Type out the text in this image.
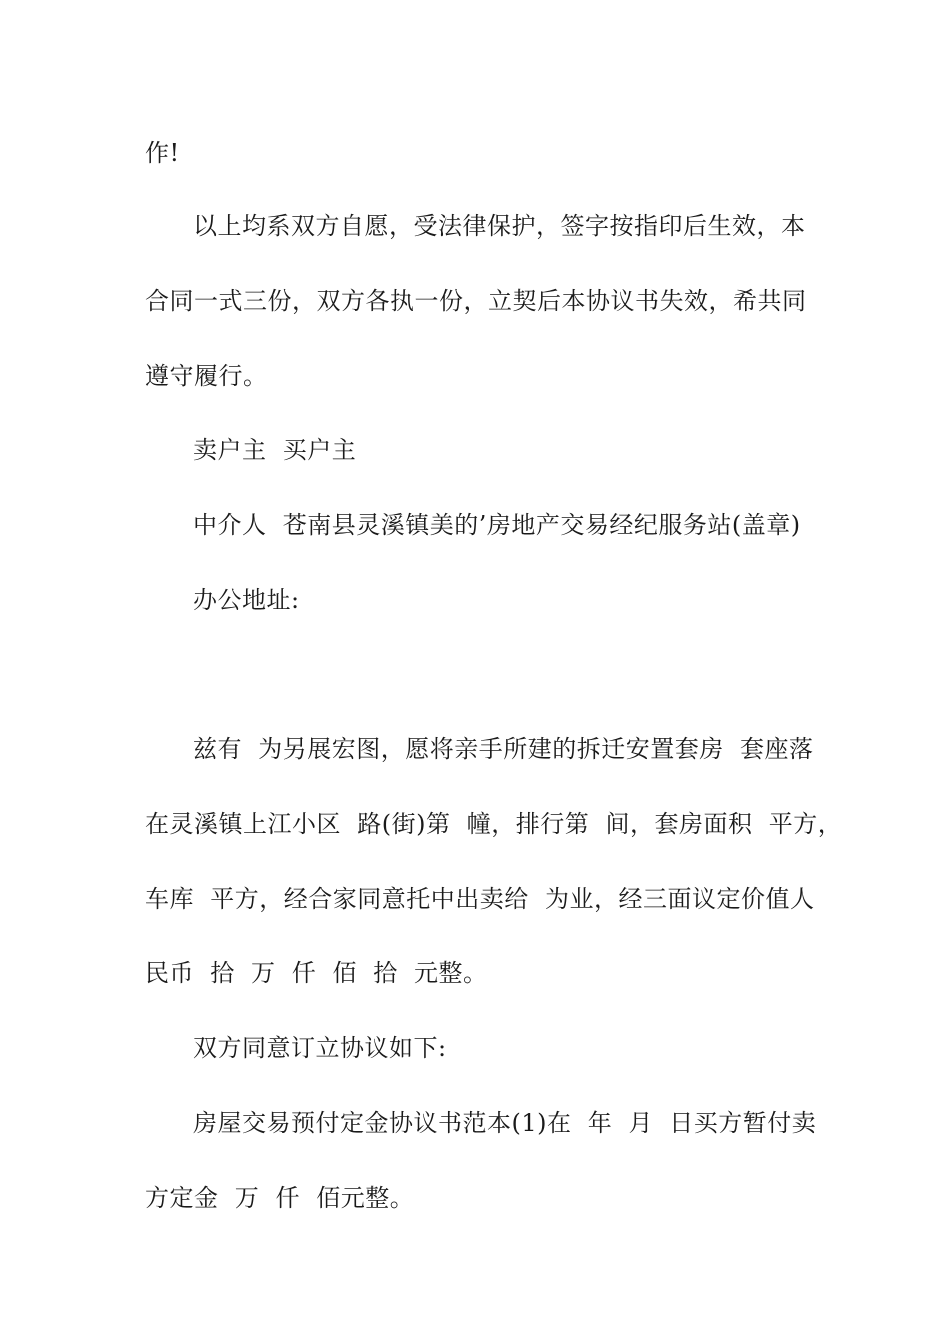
作!
以上均系双方自愿，受法律保护，签字按指印后生效，本
合同一式三份，双方各执一份，立契后本协议书失效，希共同
遵守履行。
卖户主  买户主
中介人  苍南县灵溪镇美的’房地产交易经纪服务站(盖章)
办公地址:
兹有  为另展宏图，愿将亲手所建的拆迁安置套房  套座落
在灵溪镇上江小区  路(街)第  幢，排行第  间，套房面积  平方，
车库  平方，经合家同意托中出卖给  为业，经三面议定价值人
民币  拾  万  仟  佰  拾  元整。
双方同意订立协议如下:
房屋交易预付定金协议书范本(1)在  年  月  日买方暂付卖
方定金  万  仟  佰元整。
